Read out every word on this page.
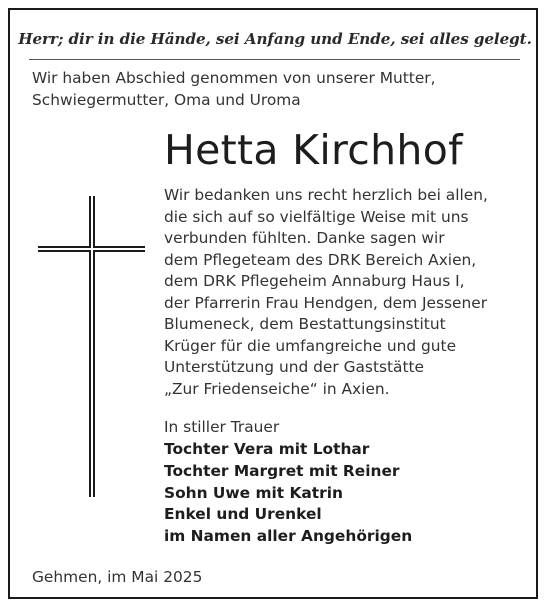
Herr; dir in die Hände, sei Anfang und Ende, sei alles gelegt.
Wir haben Abschied genommen von unserer Mutter,
Schwiegermutter, Oma und Uroma
Hetta Kirchhof
Wir bedanken uns recht herzlich bei allen,
die sich auf so vielfältige Weise mit uns
verbunden fühlten. Danke sagen wir
dem Pflegeteam des DRK Bereich Axien,
dem DRK Pflegeheim Annaburg Haus I,
der Pfarrerin Frau Hendgen, dem Jessener
Blumeneck, dem Bestattungsinstitut
Krüger für die umfangreiche und gute
Unterstützung und der Gaststätte
„Zur Friedenseiche“ in Axien.
In stiller Trauer
Tochter Vera mit Lothar
Tochter Margret mit Reiner
Sohn Uwe mit Katrin
Enkel und Urenkel
im Namen aller Angehörigen
Gehmen, im Mai 2025
